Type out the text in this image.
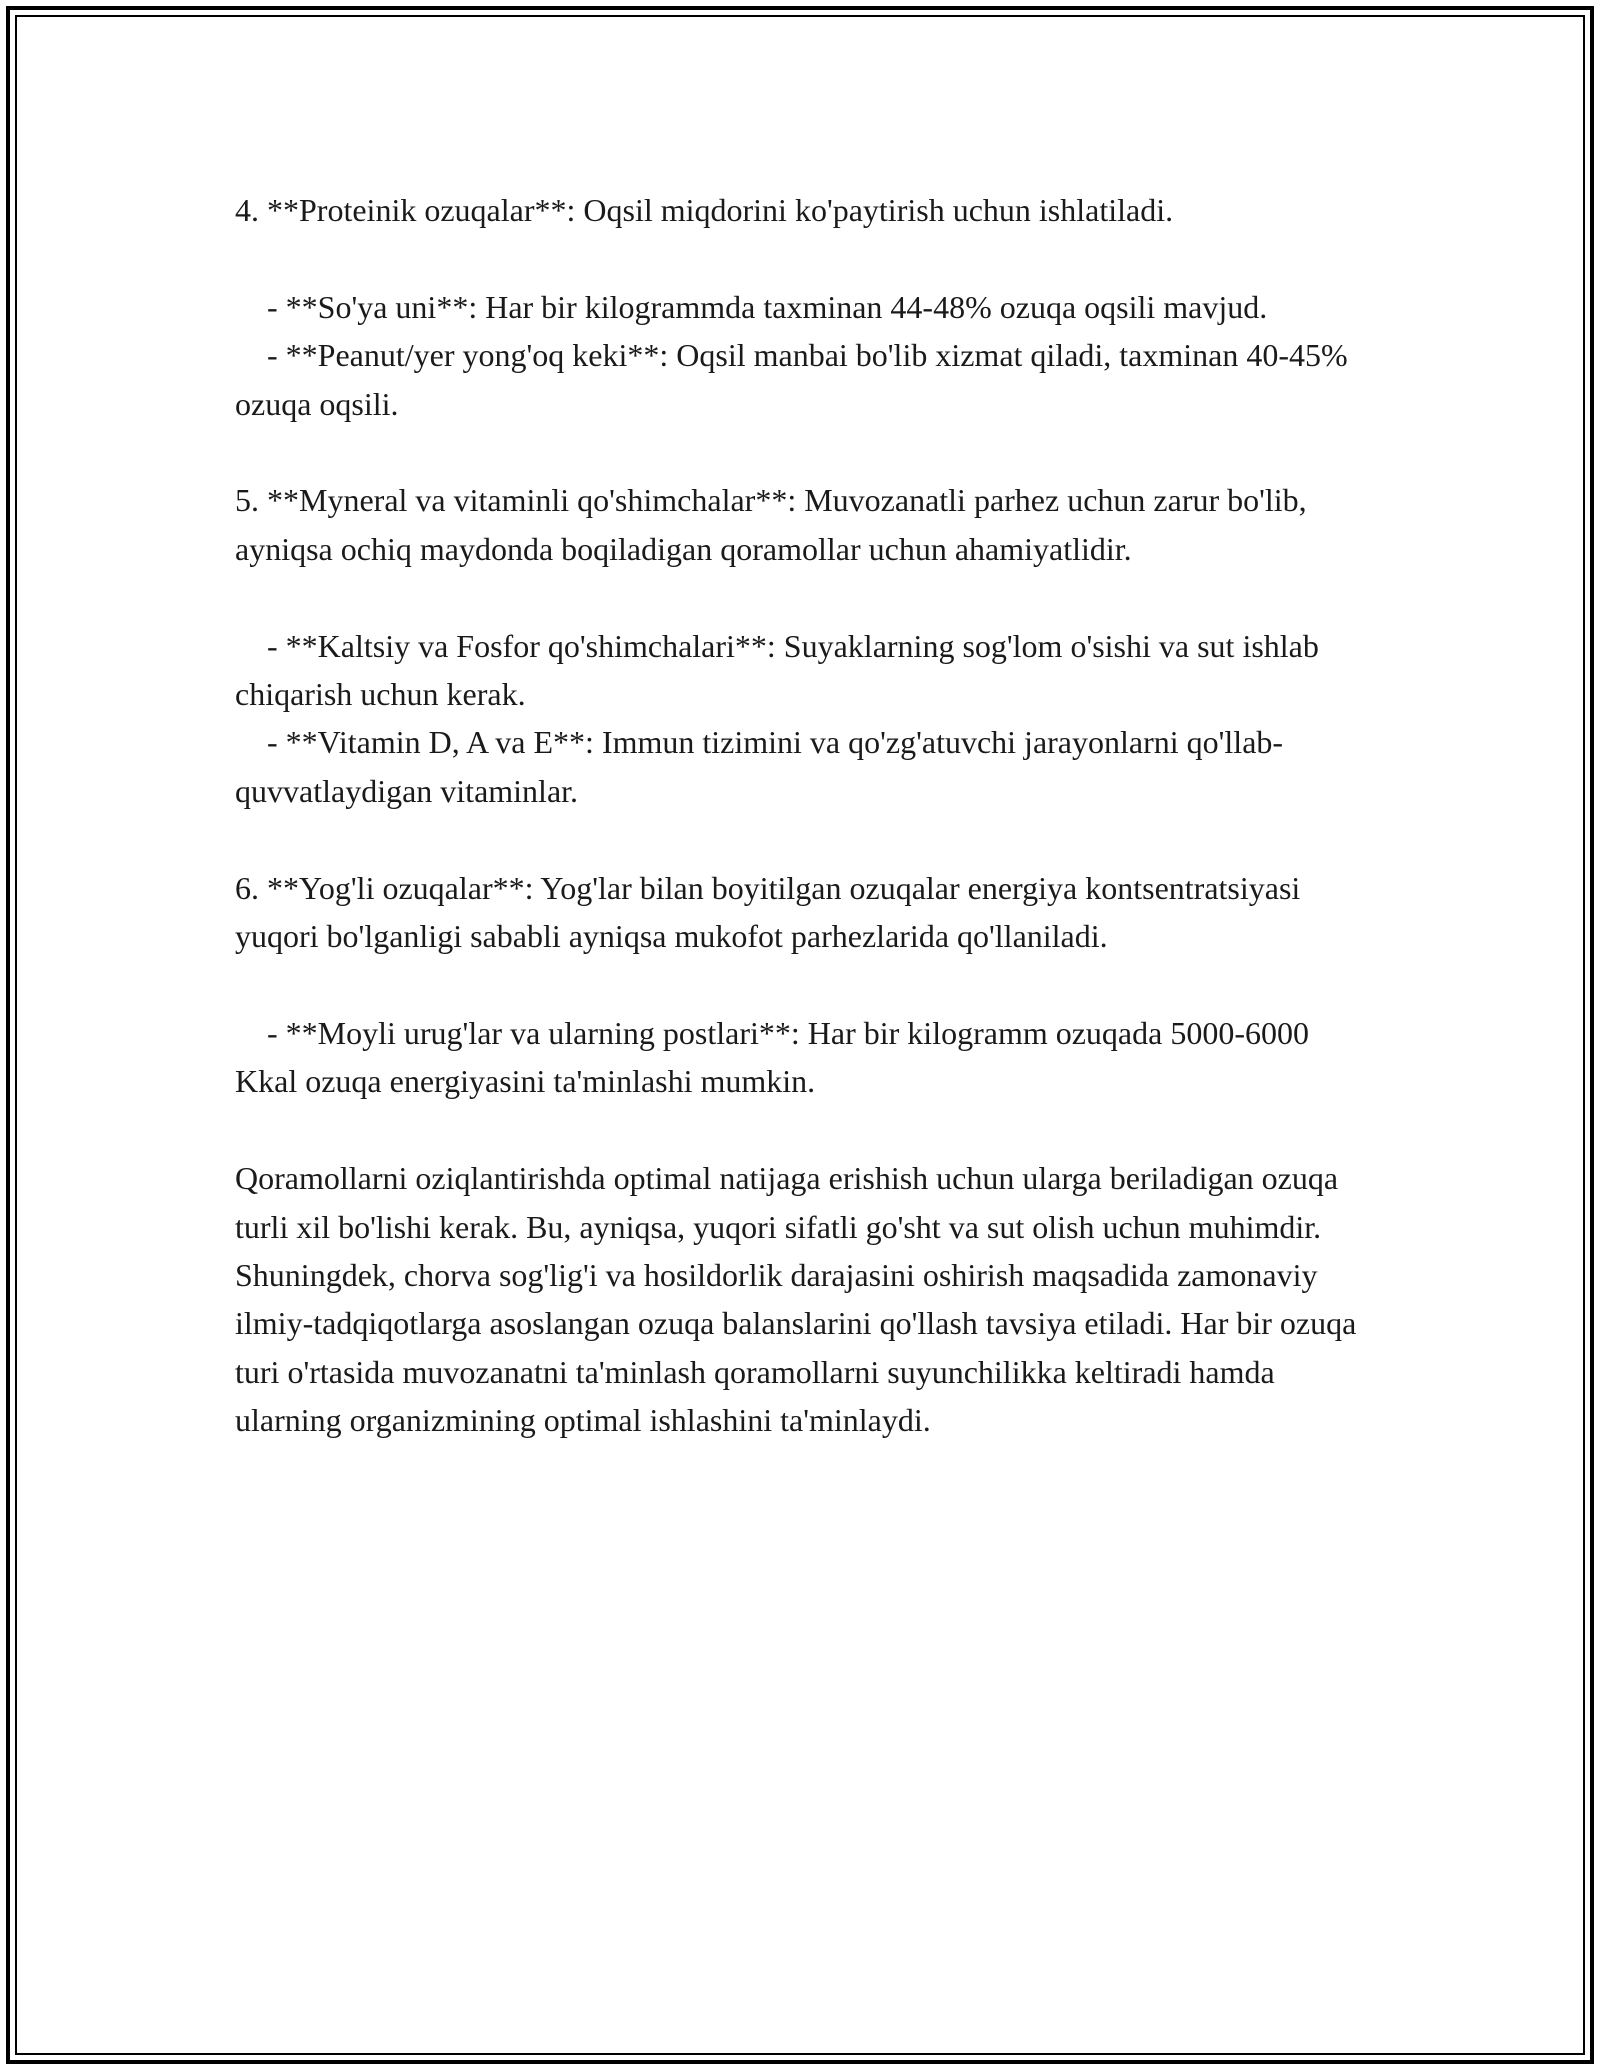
4. **Proteinik ozuqalar**: Oqsil miqdorini ko'paytirish uchun ishlatiladi.

- **So'ya uni**: Har bir kilogrammda taxminan 44-48% ozuqa oqsili mavjud.
- **Peanut/yer yong'oq keki**: Oqsil manbai bo'lib xizmat qiladi, taxminan 40-45% ozuqa oqsili.

5. **Myneral va vitaminli qo'shimchalar**: Muvozanatli parhez uchun zarur bo'lib, ayniqsa ochiq maydonda boqiladigan qoramollar uchun ahamiyatlidir.

- **Kaltsiy va Fosfor qo'shimchalari**: Suyaklarning sog'lom o'sishi va sut ishlab chiqarish uchun kerak.
- **Vitamin D, A va E**: Immun tizimini va qo'zg'atuvchi jarayonlarni qo'llab-quvvatlaydigan vitaminlar.

6. **Yog'li ozuqalar**: Yog'lar bilan boyitilgan ozuqalar energiya kontsentratsiyasi yuqori bo'lganligi sababli ayniqsa mukofot parhezlarida qo'llaniladi.

- **Moyli urug'lar va ularning postlari**: Har bir kilogramm ozuqada 5000-6000 Kkal ozuqa energiyasini ta'minlashi mumkin.

Qoramollarni oziqlantirishda optimal natijaga erishish uchun ularga beriladigan ozuqa turli xil bo'lishi kerak. Bu, ayniqsa, yuqori sifatli go'sht va sut olish uchun muhimdir. Shuningdek, chorva sog'lig'i va hosildorlik darajasini oshirish maqsadida zamonaviy ilmiy-tadqiqotlarga asoslangan ozuqa balanslarini qo'llash tavsiya etiladi. Har bir ozuqa turi o'rtasida muvozanatni ta'minlash qoramollarni suyunchilikka keltiradi hamda ularning organizmining optimal ishlashini ta'minlaydi.
